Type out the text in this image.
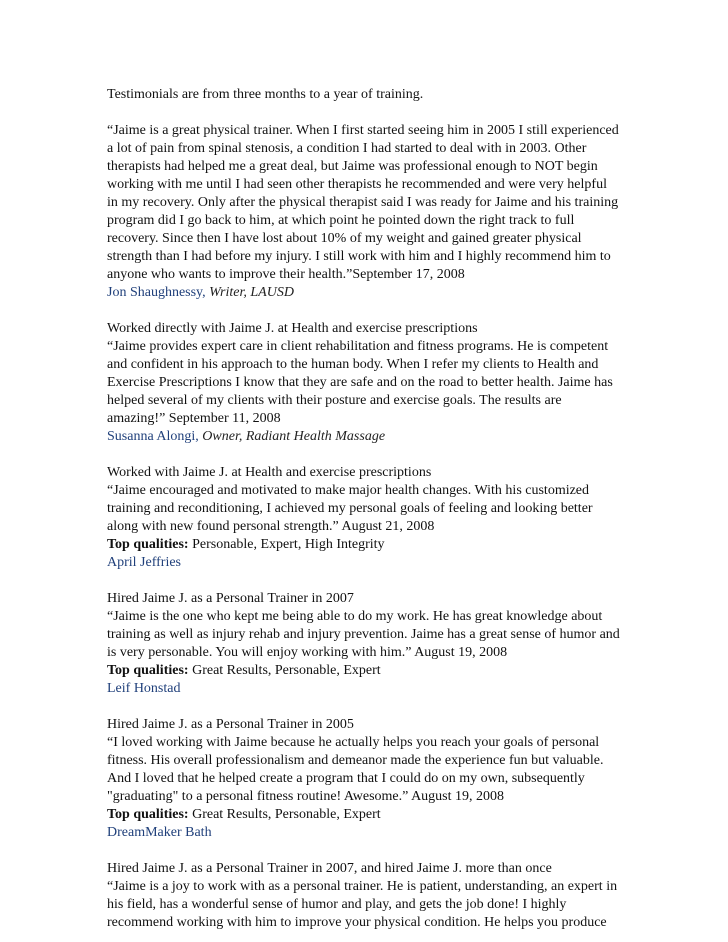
Testimonials are from three months to a year of training.

“Jaime is a great physical trainer. When I first started seeing him in 2005 I still experienced
a lot of pain from spinal stenosis, a condition I had started to deal with in 2003. Other
therapists had helped me a great deal, but Jaime was professional enough to NOT begin
working with me until I had seen other therapists he recommended and were very helpful
in my recovery. Only after the physical therapist said I was ready for Jaime and his training
program did I go back to him, at which point he pointed down the right track to full
recovery. Since then I have lost about 10% of my weight and gained greater physical
strength than I had before my injury. I still work with him and I highly recommend him to
anyone who wants to improve their health.”September 17, 2008

Jon Shaughnessy, Writer, LAUSD

Worked directly with Jaime J. at Health and exercise prescriptions

“Jaime provides expert care in client rehabilitation and fitness programs. He is competent
and confident in his approach to the human body. When I refer my clients to Health and
Exercise Prescriptions I know that they are safe and on the road to better health. Jaime has
helped several of my clients with their posture and exercise goals. The results are
amazing!” September 11, 2008

Susanna Alongi, Owner, Radiant Health Massage

Worked with Jaime J. at Health and exercise prescriptions

“Jaime encouraged and motivated to make major health changes. With his customized
training and reconditioning, I achieved my personal goals of feeling and looking better
along with new found personal strength.” August 21, 2008

Top qualities: Personable, Expert, High Integrity

April Jeffries

Hired Jaime J. as a Personal Trainer in 2007

“Jaime is the one who kept me being able to do my work. He has great knowledge about
training as well as injury rehab and injury prevention. Jaime has a great sense of humor and
is very personable. You will enjoy working with him.” August 19, 2008

Top qualities: Great Results, Personable, Expert

Leif Honstad

Hired Jaime J. as a Personal Trainer in 2005

“I loved working with Jaime because he actually helps you reach your goals of personal
fitness. His overall professionalism and demeanor made the experience fun but valuable.
And I loved that he helped create a program that I could do on my own, subsequently
"graduating" to a personal fitness routine! Awesome.” August 19, 2008

Top qualities: Great Results, Personable, Expert

DreamMaker Bath

Hired Jaime J. as a Personal Trainer in 2007, and hired Jaime J. more than once

“Jaime is a joy to work with as a personal trainer. He is patient, understanding, an expert in
his field, has a wonderful sense of humor and play, and gets the job done! I highly
recommend working with him to improve your physical condition. He helps you produce
